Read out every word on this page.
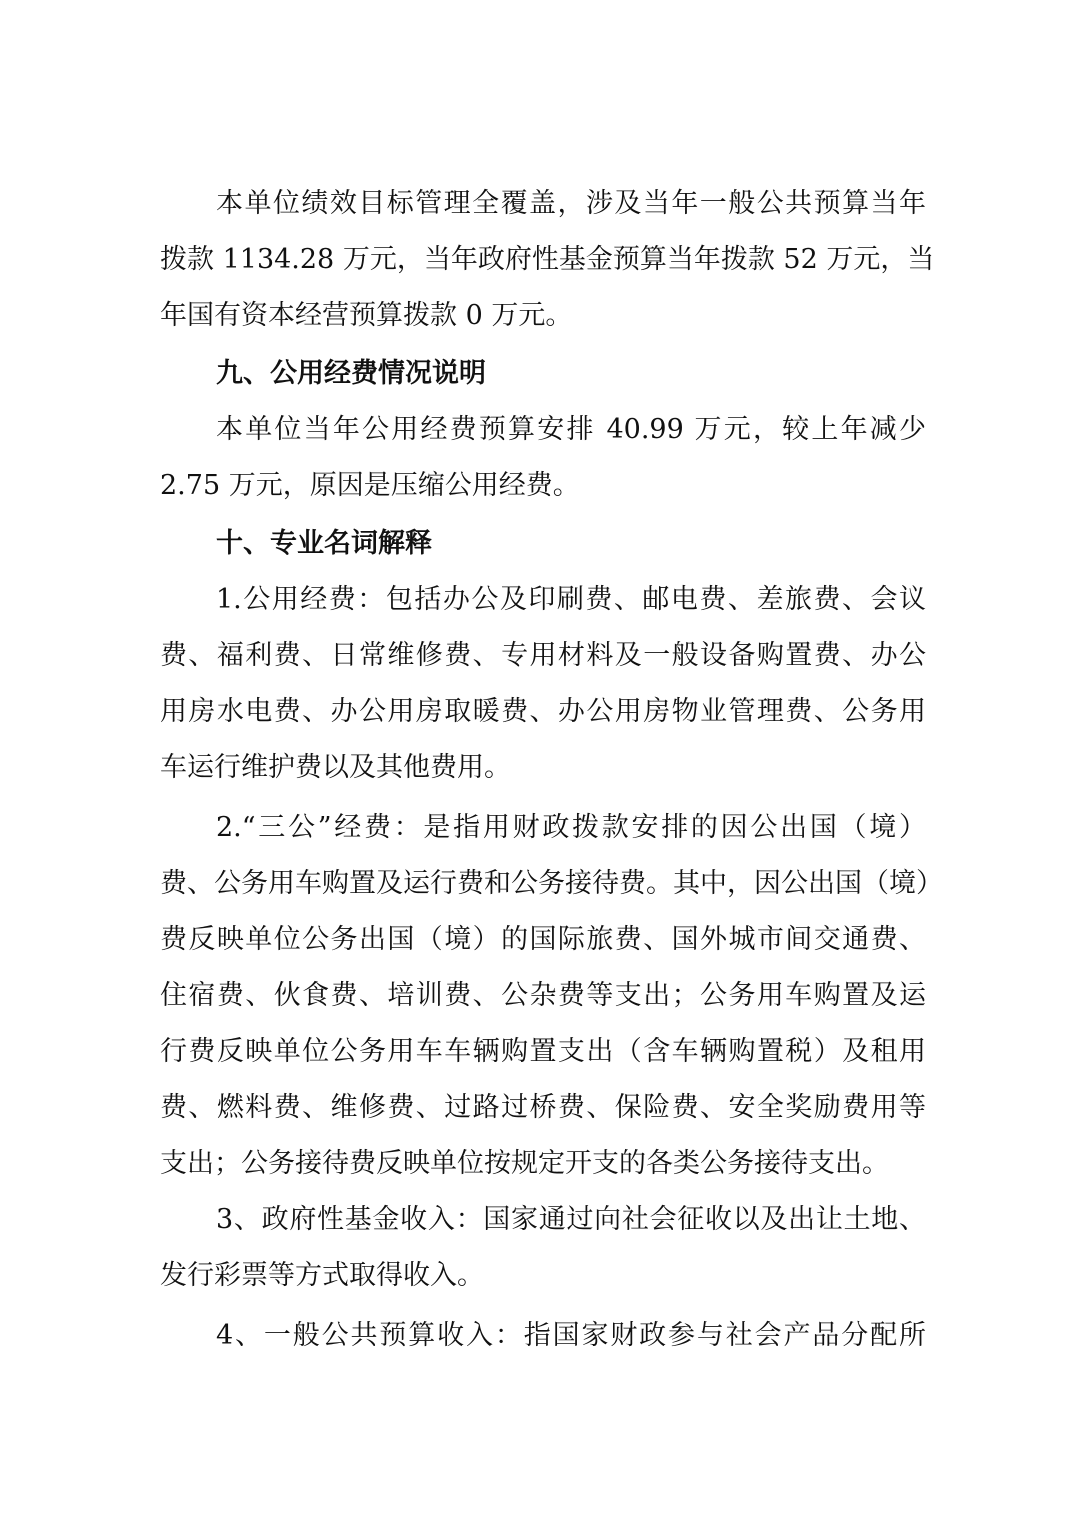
本单位绩效目标管理全覆盖，涉及当年一般公共预算当年
拨款 1134.28 万元，当年政府性基金预算当年拨款 52 万元，当
年国有资本经营预算拨款 0 万元。
九、公用经费情况说明
本单位当年公用经费预算安排 40.99 万元，较上年减少
2.75 万元，原因是压缩公用经费。
十、专业名词解释
1.公用经费：包括办公及印刷费、邮电费、差旅费、会议
费、福利费、日常维修费、专用材料及一般设备购置费、办公
用房水电费、办公用房取暖费、办公用房物业管理费、公务用
车运行维护费以及其他费用。
2.“三公”经费：是指用财政拨款安排的因公出国（境）
费、公务用车购置及运行费和公务接待费。其中，因公出国（境）
费反映单位公务出国（境）的国际旅费、国外城市间交通费、
住宿费、伙食费、培训费、公杂费等支出；公务用车购置及运
行费反映单位公务用车车辆购置支出（含车辆购置税）及租用
费、燃料费、维修费、过路过桥费、保险费、安全奖励费用等
支出；公务接待费反映单位按规定开支的各类公务接待支出。
3、政府性基金收入：国家通过向社会征收以及出让土地、
发行彩票等方式取得收入。
4、一般公共预算收入：指国家财政参与社会产品分配所
